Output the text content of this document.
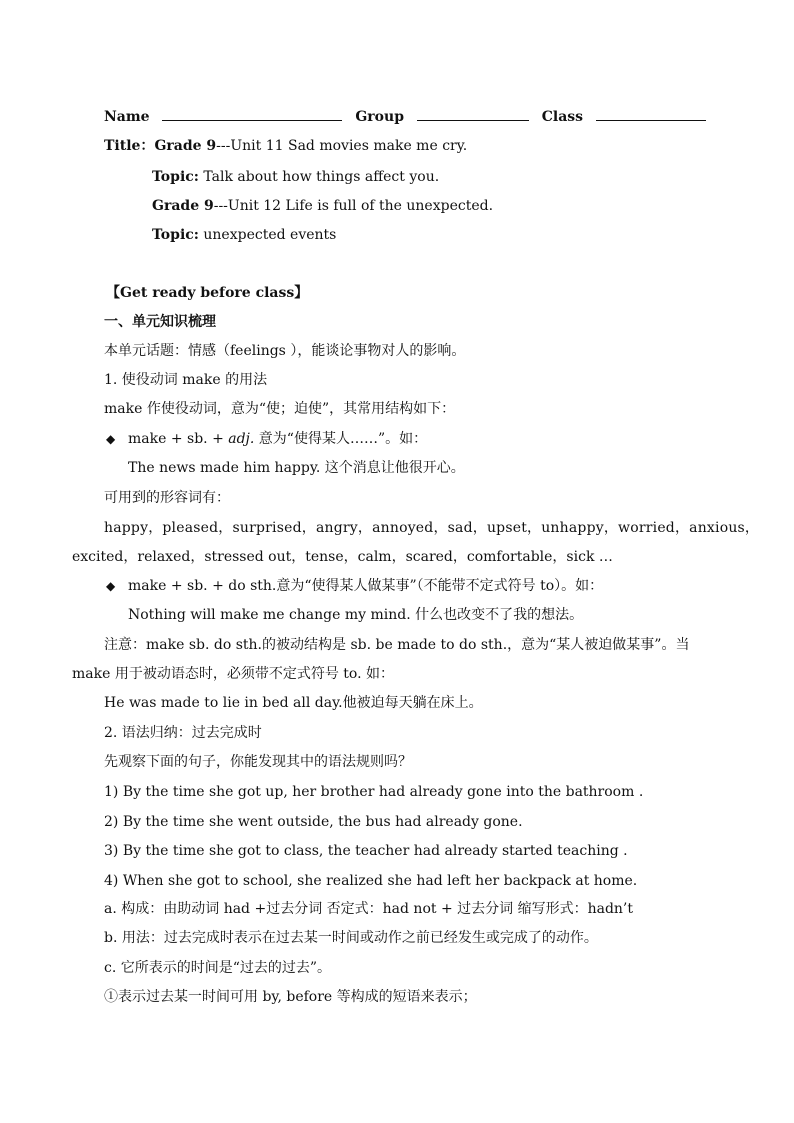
Name	Group	Class
Title：Grade 9---Unit 11 Sad movies make me cry.
Topic: Talk about how things affect you.
Grade 9---Unit 12 Life is full of the unexpected.
Topic: unexpected events
【Get ready before class】
一、单元知识梳理
本单元话题：情感（feelings ），能谈论事物对人的影响。
1. 使役动词 make 的用法
make 作使役动词，意为“使；迫使”，其常用结构如下：
◆ make + sb. + adj. 意为“使得某人……”。如：
The news made him happy. 这个消息让他很开心。
可用到的形容词有：
happy，pleased，surprised，angry，annoyed，sad，upset，unhappy，worried，anxious，
excited，relaxed，stressed out，tense，calm，scared，comfortable，sick …
◆ make + sb. + do sth.意为“使得某人做某事”（不能带不定式符号 to）。如：
Nothing will make me change my mind. 什么也改变不了我的想法。
注意：make sb. do sth.的被动结构是 sb. be made to do sth.，意为“某人被迫做某事”。当
make 用于被动语态时，必须带不定式符号 to. 如：
He was made to lie in bed all day.他被迫每天躺在床上。
2. 语法归纳：过去完成时
先观察下面的句子，你能发现其中的语法规则吗？
1) By the time she got up, her brother had already gone into the bathroom .
2) By the time she went outside, the bus had already gone.
3) By the time she got to class, the teacher had already started teaching .
4) When she got to school, she realized she had left her backpack at home.
a. 构成：由助动词 had +过去分词 否定式：had not + 过去分词 缩写形式：hadn’t
b. 用法：过去完成时表示在过去某一时间或动作之前已经发生或完成了的动作。
c. 它所表示的时间是“过去的过去”。
①表示过去某一时间可用 by, before 等构成的短语来表示；
